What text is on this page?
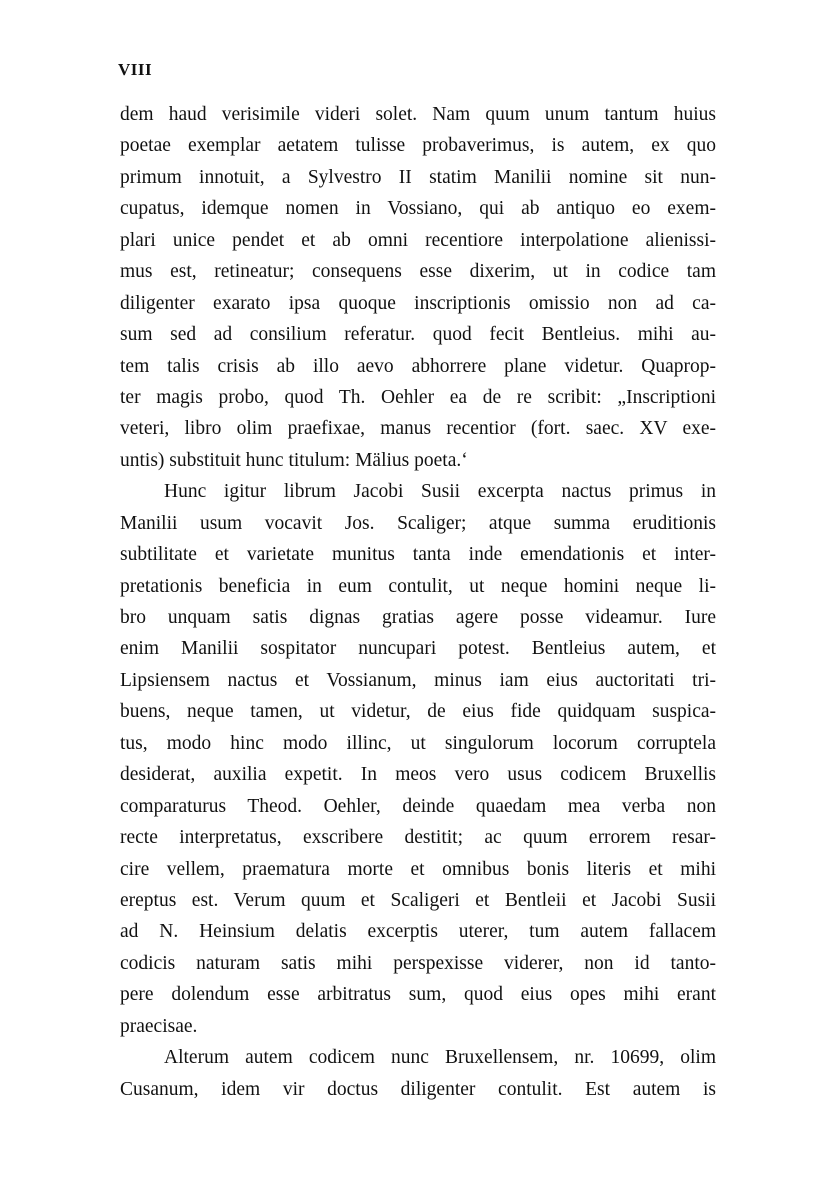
VIII
dem haud verisimile videri solet. Nam quum unum tantum huius
poetae exemplar aetatem tulisse probaverimus, is autem, ex quo
primum innotuit, a Sylvestro II statim Manilii nomine sit nun-
cupatus, idemque nomen in Vossiano, qui ab antiquo eo exem-
plari unice pendet et ab omni recentiore interpolatione alienissi-
mus est, retineatur; consequens esse dixerim, ut in codice tam
diligenter exarato ipsa quoque inscriptionis omissio non ad ca-
sum sed ad consilium referatur. quod fecit Bentleius. mihi au-
tem talis crisis ab illo aevo abhorrere plane videtur. Quaprop-
ter magis probo, quod Th. Oehler ea de re scribit: „Inscriptioni
veteri, libro olim praefixae, manus recentior (fort. saec. XV exe-
untis) substituit hunc titulum: Mälius poeta.‘
Hunc igitur librum Jacobi Susii excerpta nactus primus in
Manilii usum vocavit Jos. Scaliger; atque summa eruditionis
subtilitate et varietate munitus tanta inde emendationis et inter-
pretationis beneficia in eum contulit, ut neque homini neque li-
bro unquam satis dignas gratias agere posse videamur. Iure
enim Manilii sospitator nuncupari potest. Bentleius autem, et
Lipsiensem nactus et Vossianum, minus iam eius auctoritati tri-
buens, neque tamen, ut videtur, de eius fide quidquam suspica-
tus, modo hinc modo illinc, ut singulorum locorum corruptela
desiderat, auxilia expetit. In meos vero usus codicem Bruxellis
comparaturus Theod. Oehler, deinde quaedam mea verba non
recte interpretatus, exscribere destitit; ac quum errorem resar-
cire vellem, praematura morte et omnibus bonis literis et mihi
ereptus est. Verum quum et Scaligeri et Bentleii et Jacobi Susii
ad N. Heinsium delatis excerptis uterer, tum autem fallacem
codicis naturam satis mihi perspexisse viderer, non id tanto-
pere dolendum esse arbitratus sum, quod eius opes mihi erant
praecisae.
Alterum autem codicem nunc Bruxellensem, nr. 10699, olim
Cusanum, idem vir doctus diligenter contulit. Est autem is
